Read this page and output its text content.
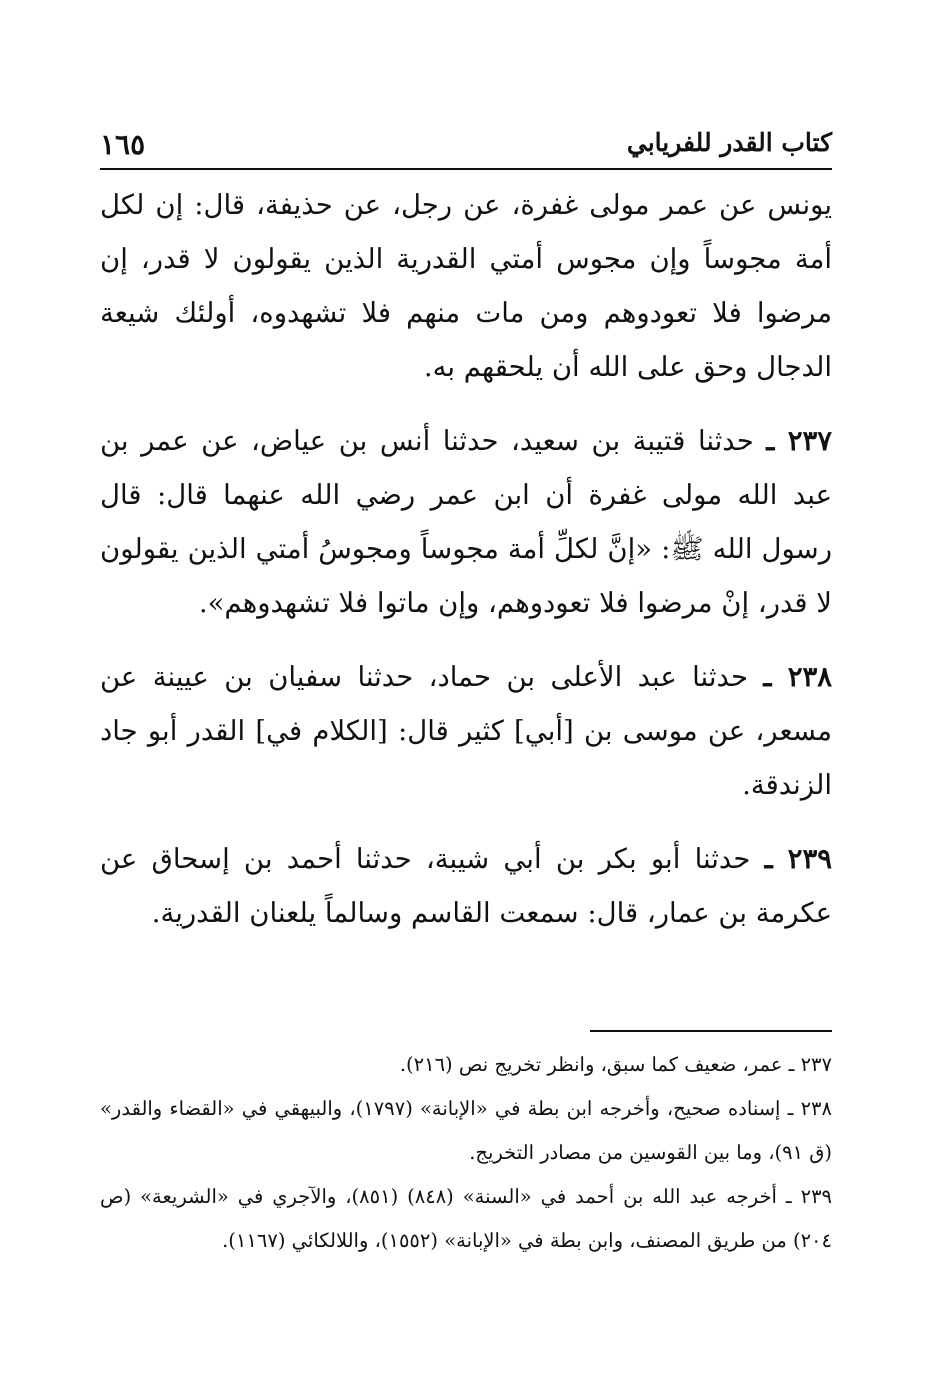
كتاب القدر للفريابي
١٦٥

يونس عن عمر مولى غفرة، عن رجل، عن حذيفة، قال: إن لكل أمة مجوساً وإن مجوس أمتي القدرية الذين يقولون لا قدر، إن مرضوا فلا تعودوهم ومن مات منهم فلا تشهدوه، أولئك شيعة الدجال وحق على الله أن يلحقهم به.

٢٣٧ ـ حدثنا قتيبة بن سعيد، حدثنا أنس بن عياض، عن عمر بن عبد الله مولى غفرة أن ابن عمر رضي الله عنهما قال: قال رسول الله ﷺ: «إنَّ لكلِّ أمة مجوساً ومجوسُ أمتي الذين يقولون لا قدر، إنْ مرضوا فلا تعودوهم، وإن ماتوا فلا تشهدوهم».

٢٣٨ ـ حدثنا عبد الأعلى بن حماد، حدثنا سفيان بن عيينة عن مسعر، عن موسى بن [أبي] كثير قال: [الكلام في] القدر أبو جاد الزندقة.

٢٣٩ ـ حدثنا أبو بكر بن أبي شيبة، حدثنا أحمد بن إسحاق عن عكرمة بن عمار، قال: سمعت القاسم وسالماً يلعنان القدرية.

٢٣٧ ـ عمر، ضعيف كما سبق، وانظر تخريج نص (٢١٦).

٢٣٨ ـ إسناده صحيح، وأخرجه ابن بطة في «الإبانة» (١٧٩٧)، والبيهقي في «القضاء والقدر» (ق ٩١)، وما بين القوسين من مصادر التخريج.

٢٣٩ ـ أخرجه عبد الله بن أحمد في «السنة» (٨٤٨) (٨٥١)، والآجري في «الشريعة» (ص ٢٠٤) من طريق المصنف، وابن بطة في «الإبانة» (١٥٥٢)، واللالكائي (١١٦٧).
